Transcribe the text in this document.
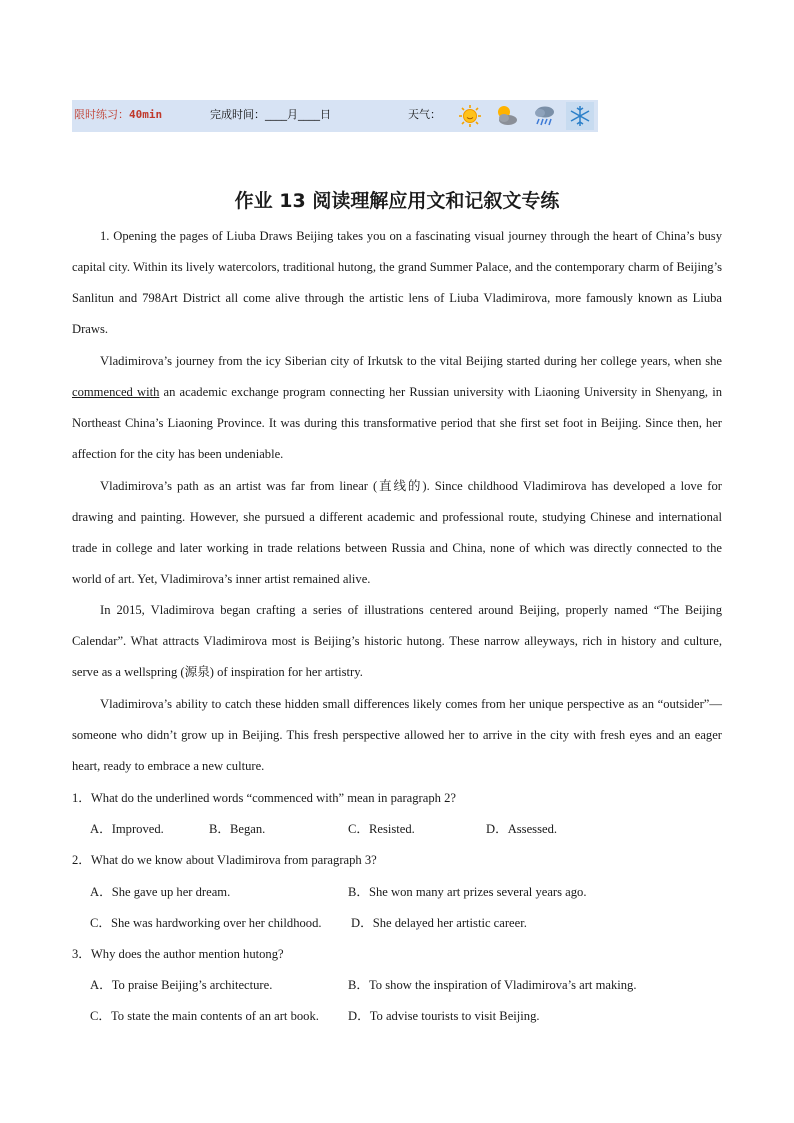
限时练习：40min	完成时间：____月____日	天气：
作业 13 阅读理解应用文和记叙文专练

1. Opening the pages of Liuba Draws Beijing takes you on a fascinating visual journey through the heart of China’s busy capital city. Within its lively watercolors, traditional hutong, the grand Summer Palace, and the contemporary charm of Beijing’s Sanlitun and 798Art District all come alive through the artistic lens of Liuba Vladimirova, more famously known as Liuba Draws.

Vladimirova’s journey from the icy Siberian city of Irkutsk to the vital Beijing started during her college years, when she commenced with an academic exchange program connecting her Russian university with Liaoning University in Shenyang, in Northeast China’s Liaoning Province. It was during this transformative period that she first set foot in Beijing. Since then, her affection for the city has been undeniable.

Vladimirova’s path as an artist was far from linear (直线的). Since childhood Vladimirova has developed a love for drawing and painting. However, she pursued a different academic and professional route, studying Chinese and international trade in college and later working in trade relations between Russia and China, none of which was directly connected to the world of art. Yet, Vladimirova’s inner artist remained alive.

In 2015, Vladimirova began crafting a series of illustrations centered around Beijing, properly named “The Beijing Calendar”. What attracts Vladimirova most is Beijing’s historic hutong. These narrow alleyways, rich in history and culture, serve as a wellspring (源泉) of inspiration for her artistry.

Vladimirova’s ability to catch these hidden small differences likely comes from her unique perspective as an “outsider”—someone who didn’t grow up in Beijing. This fresh perspective allowed her to arrive in the city with fresh eyes and an eager heart, ready to embrace a new culture.

1．What do the underlined words “commenced with” mean in paragraph 2?
A．Improved.	B．Began.	C．Resisted.	D．Assessed.
2．What do we know about Vladimirova from paragraph 3?
A．She gave up her dream.	B．She won many art prizes several years ago.
C．She was hardworking over her childhood. D．She delayed her artistic career.
3．Why does the author mention hutong?
A．To praise Beijing’s architecture.	B．To show the inspiration of Vladimirova’s art making.
C．To state the main contents of an art book. D．To advise tourists to visit Beijing.
